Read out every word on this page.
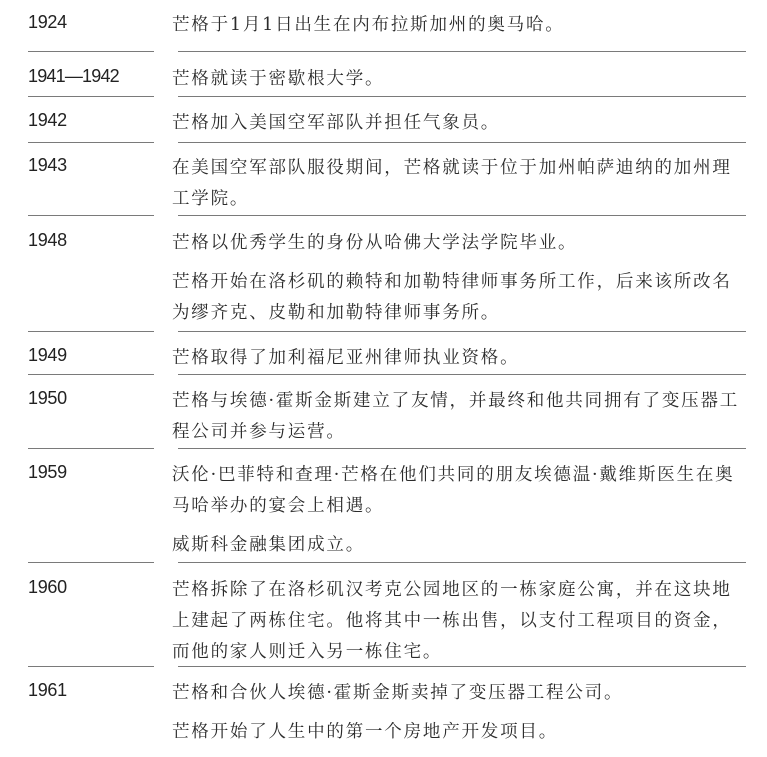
1924	芒格于1月1日出生在内布拉斯加州的奥马哈。

1941—1942	芒格就读于密歇根大学。

1942	芒格加入美国空军部队并担任气象员。

1943	在美国空军部队服役期间，芒格就读于位于加州帕萨迪纳的加州理工学院。

1948	芒格以优秀学生的身份从哈佛大学法学院毕业。

芒格开始在洛杉矶的赖特和加勒特律师事务所工作，后来该所改名为缪齐克、皮勒和加勒特律师事务所。

1949	芒格取得了加利福尼亚州律师执业资格。

1950	芒格与埃德·霍斯金斯建立了友情，并最终和他共同拥有了变压器工程公司并参与运营。

1959	沃伦·巴菲特和查理·芒格在他们共同的朋友埃德温·戴维斯医生在奥马哈举办的宴会上相遇。

威斯科金融集团成立。

1960	芒格拆除了在洛杉矶汉考克公园地区的一栋家庭公寓，并在这块地上建起了两栋住宅。他将其中一栋出售，以支付工程项目的资金，而他的家人则迁入另一栋住宅。

1961	芒格和合伙人埃德·霍斯金斯卖掉了变压器工程公司。

芒格开始了人生中的第一个房地产开发项目。
